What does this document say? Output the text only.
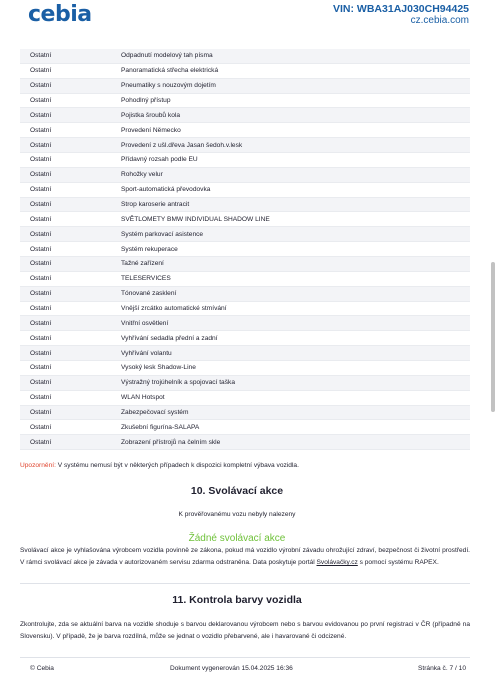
cebia	VIN: WBA31AJ030CH94425
cz.cebia.com
Ostatní	Odpadnutí modelový tah písma
Ostatní	Panoramatická střecha elektrická
Ostatní	Pneumatiky s nouzovým dojetím
Ostatní	Pohodlný přístup
Ostatní	Pojistka šroubů kola
Ostatní	Provedení Německo
Ostatní	Provedení z ušl.dřeva Jasan šedoh.v.lesk
Ostatní	Přídavný rozsah podle EU
Ostatní	Rohožky velur
Ostatní	Sport-automatická převodovka
Ostatní	Strop karoserie antracit
Ostatní	SVĚTLOMETY BMW INDIVIDUAL SHADOW LINE
Ostatní	Systém parkovací asistence
Ostatní	Systém rekuperace
Ostatní	Tažné zařízení
Ostatní	TELESERVICES
Ostatní	Tónované zasklení
Ostatní	Vnější zrcátko automatické stmívání
Ostatní	Vnitřní osvětlení
Ostatní	Vyhřívání sedadla přední a zadní
Ostatní	Vyhřívání volantu
Ostatní	Vysoký lesk Shadow-Line
Ostatní	Výstražný trojúhelník a spojovací taška
Ostatní	WLAN Hotspot
Ostatní	Zabezpečovací systém
Ostatní	Zkušební figurína-SALAPA
Ostatní	Zobrazení přístrojů na čelním skle
Upozornění: V systému nemusí být v některých případech k dispozici kompletní výbava vozidla.
10. Svolávací akce
K prověřovanému vozu nebyly nalezeny
Žádné svolávací akce
Svolávací akce je vyhlašována výrobcem vozidla povinně ze zákona, pokud má vozidlo výrobní závadu ohrožující zdraví, bezpečnost či životní prostředí. V rámci svolávací akce je závada v autorizovaném servisu zdarma odstraněna. Data poskytuje portál Svolávačky.cz s pomocí systému RAPEX.
11. Kontrola barvy vozidla
Zkontrolujte, zda se aktuální barva na vozidle shoduje s barvou deklarovanou výrobcem nebo s barvou evidovanou po první registraci v ČR (případně na Slovensku). V případě, že je barva rozdílná, může se jednat o vozidlo přebarvené, ale i havarované či odcizené.
© Cebia	Dokument vygenerován 15.04.2025 16:36	Stránka č. 7 / 10
